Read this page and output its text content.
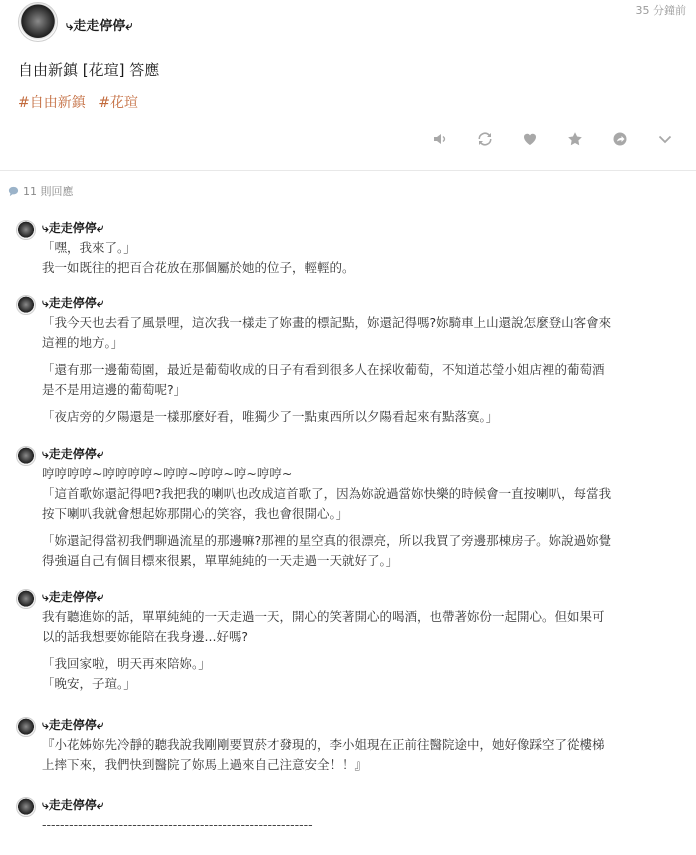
⤷走走停停⤶
35 分鐘前
自由新鎮 [花瑄] 答應
#自由新鎮 #花瑄
11 則回應
⤷走走停停⤶

「嘿，我來了。」

我一如既往的把百合花放在那個屬於她的位子，輕輕的。

⤷走走停停⤶

「我今天也去看了風景哩，這次我一樣走了妳畫的標記點，妳還記得嗎?妳騎車上山還說怎麼登山客會來

這裡的地方。」

「還有那一邊葡萄園，最近是葡萄收成的日子有看到很多人在採收葡萄，不知道芯瑩小姐店裡的葡萄酒

是不是用這邊的葡萄呢?」

「夜店旁的夕陽還是一樣那麼好看，唯獨少了一點東西所以夕陽看起來有點落寞。」

⤷走走停停⤶

哼哼哼哼~哼哼哼哼~哼哼~哼哼~哼~哼哼~

「這首歌妳還記得吧?我把我的喇叭也改成這首歌了，因為妳說過當妳快樂的時候會一直按喇叭，每當我

按下喇叭我就會想起妳那開心的笑容，我也會很開心。」

「妳還記得當初我們聊過流星的那邊嘛?那裡的星空真的很漂亮，所以我買了旁邊那棟房子。妳說過妳覺

得強逼自己有個目標來很累，單單純純的一天走過一天就好了。」

⤷走走停停⤶

我有聽進妳的話，單單純純的一天走過一天，開心的笑著開心的喝酒，也帶著妳份一起開心。但如果可

以的話我想要妳能陪在我身邊...好嗎?

「我回家啦，明天再來陪妳。」

「晚安，子瑄。」

⤷走走停停⤶

『小花姊妳先冷靜的聽我說我剛剛要買菸才發現的，李小姐現在正前往醫院途中，她好像踩空了從樓梯

上摔下來，我們快到醫院了妳馬上過來自己注意安全！！』

⤷走走停停⤶

------------------------------------------------------------
